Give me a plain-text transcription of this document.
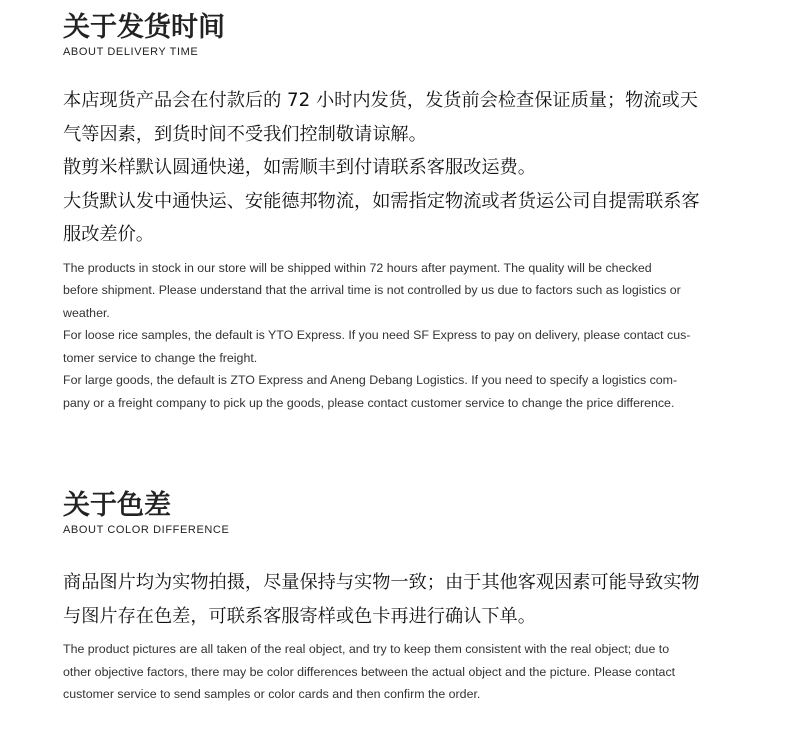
关于发货时间
ABOUT DELIVERY TIME
本店现货产品会在付款后的 72 小时内发货，发货前会检查保证质量；物流或天
气等因素，到货时间不受我们控制敬请谅解。
散剪米样默认圆通快递，如需顺丰到付请联系客服改运费。
大货默认发中通快运、安能德邦物流，如需指定物流或者货运公司自提需联系客
服改差价。
The products in stock in our store will be shipped within 72 hours after payment. The quality will be checked
before shipment. Please understand that the arrival time is not controlled by us due to factors such as logistics or
weather.
For loose rice samples, the default is YTO Express. If you need SF Express to pay on delivery, please contact cus-
tomer service to change the freight.
For large goods, the default is ZTO Express and Aneng Debang Logistics. If you need to specify a logistics com-
pany or a freight company to pick up the goods, please contact customer service to change the price difference.
关于色差
ABOUT COLOR DIFFERENCE
商品图片均为实物拍摄，尽量保持与实物一致；由于其他客观因素可能导致实物
与图片存在色差，可联系客服寄样或色卡再进行确认下单。
The product pictures are all taken of the real object, and try to keep them consistent with the real object; due to
other objective factors, there may be color differences between the actual object and the picture. Please contact
customer service to send samples or color cards and then confirm the order.
